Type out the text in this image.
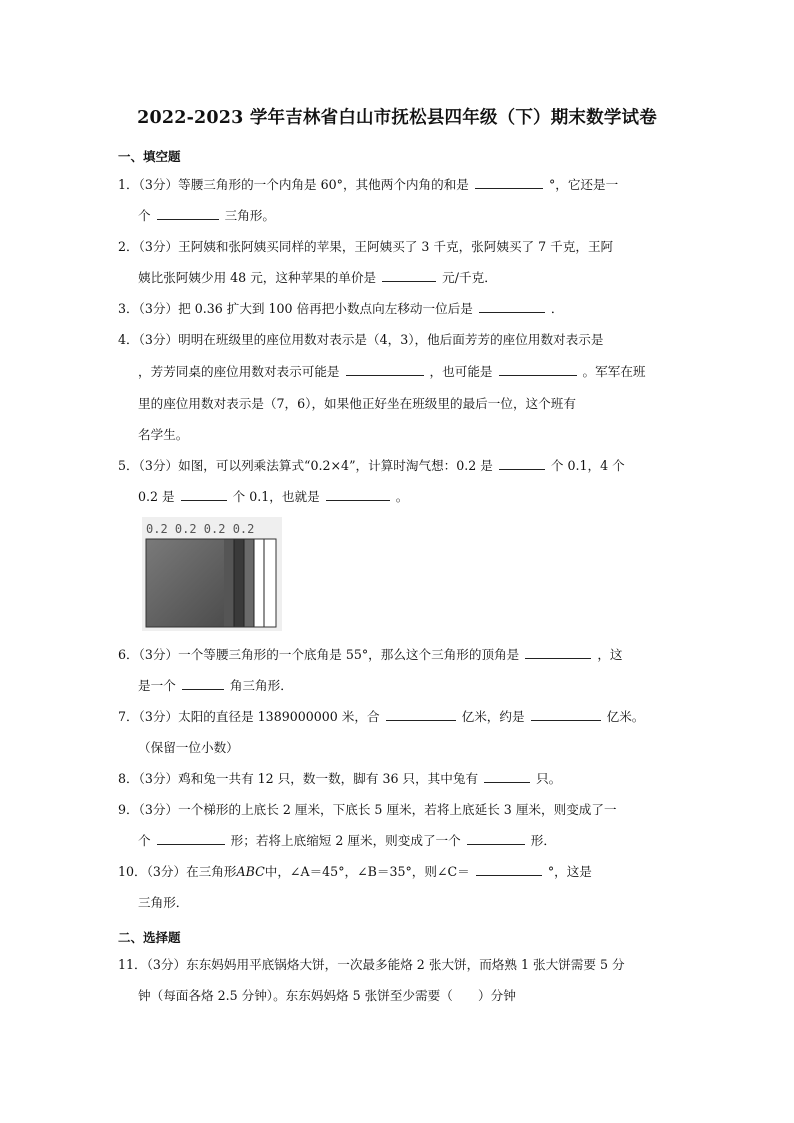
2022-2023 学年吉林省白山市抚松县四年级（下）期末数学试卷
一、填空题
1．（3分）等腰三角形的一个内角是 60°，其他两个内角的和是	°，它还是一
个	三角形。
2．（3分）王阿姨和张阿姨买同样的苹果，王阿姨买了 3 千克，张阿姨买了 7 千克，王阿
姨比张阿姨少用 48 元，这种苹果的单价是	元/千克．
3．（3分）把 0.36 扩大到 100 倍再把小数点向左移动一位后是	．
4．（3分）明明在班级里的座位用数对表示是（4，3），他后面芳芳的座位用数对表示是
，芳芳同桌的座位用数对表示可能是	，也可能是	。军军在班
里的座位用数对表示是（7，6），如果他正好坐在班级里的最后一位，这个班有
名学生。
5．（3分）如图，可以列乘法算式“0.2×4”，计算时淘气想：0.2 是	个 0.1，4 个
0.2 是	个 0.1，也就是	。
0.2 0.2 0.2 0.2
6．（3分）一个等腰三角形的一个底角是 55°，那么这个三角形的顶角是	，这
是一个	角三角形．
7．（3分）太阳的直径是 1389000000 米，合	亿米，约是	亿米。
（保留一位小数）
8．（3分）鸡和兔一共有 12 只，数一数，脚有 36 只，其中兔有	只。
9．（3分）一个梯形的上底长 2 厘米，下底长 5 厘米，若将上底延长 3 厘米，则变成了一
个	形；若将上底缩短 2 厘米，则变成了一个	形．
10．（3分）在三角形ABC中，∠A＝45°，∠B＝35°，则∠C＝	°，这是
三角形．
二、选择题
11．（3分）东东妈妈用平底锅烙大饼，一次最多能烙 2 张大饼，而烙熟 1 张大饼需要 5 分
钟（每面各烙 2.5 分钟）。东东妈妈烙 5 张饼至少需要（　　）分钟
